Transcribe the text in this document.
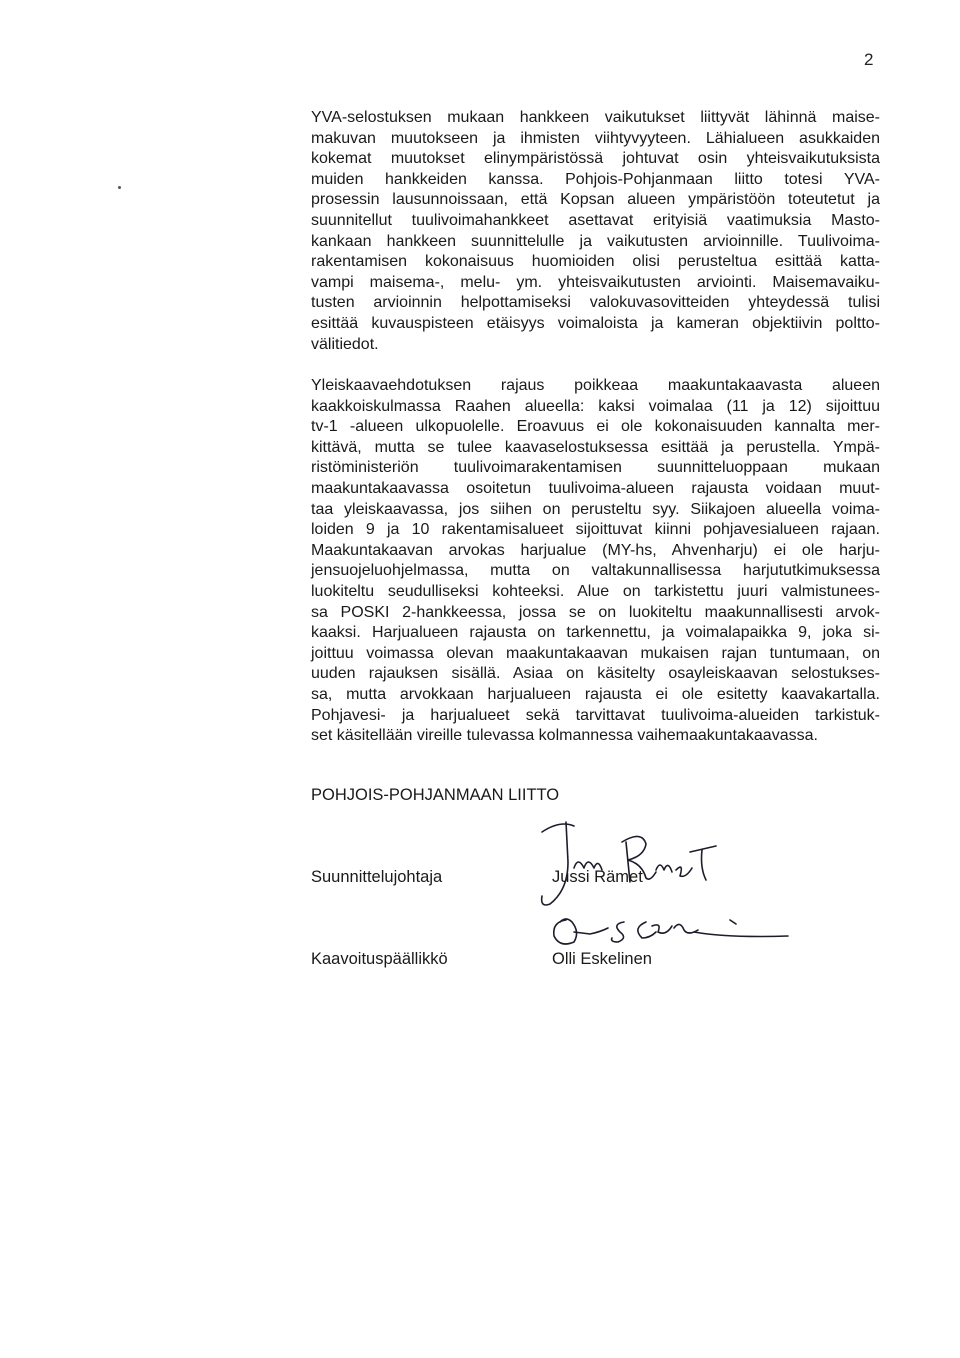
2
YVA-selostuksen mukaan hankkeen vaikutukset liittyvät lähinnä maise-
makuvan muutokseen ja ihmisten viihtyvyyteen. Lähialueen asukkaiden
kokemat muutokset elinympäristössä johtuvat osin yhteisvaikutuksista
muiden hankkeiden kanssa. Pohjois-Pohjanmaan liitto totesi YVA-
prosessin lausunnoissaan, että Kopsan alueen ympäristöön toteutetut ja
suunnitellut tuulivoimahankkeet asettavat erityisiä vaatimuksia Masto-
kankaan hankkeen suunnittelulle ja vaikutusten arvioinnille. Tuulivoima-
rakentamisen kokonaisuus huomioiden olisi perusteltua esittää katta-
vampi maisema-, melu- ym. yhteisvaikutusten arviointi. Maisemavaiku-
tusten arvioinnin helpottamiseksi valokuvasovitteiden yhteydessä tulisi
esittää kuvauspisteen etäisyys voimaloista ja kameran objektiivin poltto-
välitiedot.
Yleiskaavaehdotuksen rajaus poikkeaa maakuntakaavasta alueen
kaakkoiskulmassa Raahen alueella: kaksi voimalaa (11 ja 12) sijoittuu
tv-1 -alueen ulkopuolelle. Eroavuus ei ole kokonaisuuden kannalta mer-
kittävä, mutta se tulee kaavaselostuksessa esittää ja perustella. Ympä-
ristöministeriön tuulivoimarakentamisen suunnitteluoppaan mukaan
maakuntakaavassa osoitetun tuulivoima-alueen rajausta voidaan muut-
taa yleiskaavassa, jos siihen on perusteltu syy. Siikajoen alueella voima-
loiden 9 ja 10 rakentamisalueet sijoittuvat kiinni pohjavesialueen rajaan.
Maakuntakaavan arvokas harjualue (MY-hs, Ahvenharju) ei ole harju-
jensuojeluohjelmassa, mutta on valtakunnallisessa harjututkimuksessa
luokiteltu seudulliseksi kohteeksi. Alue on tarkistettu juuri valmistunees-
sa POSKI 2-hankkeessa, jossa se on luokiteltu maakunnallisesti arvok-
kaaksi. Harjualueen rajausta on tarkennettu, ja voimalapaikka 9, joka si-
joittuu voimassa olevan maakuntakaavan mukaisen rajan tuntumaan, on
uuden rajauksen sisällä. Asiaa on käsitelty osayleiskaavan selostukses-
sa, mutta arvokkaan harjualueen rajausta ei ole esitetty kaavakartalla.
Pohjavesi- ja harjualueet sekä tarvittavat tuulivoima-alueiden tarkistuk-
set käsitellään vireille tulevassa kolmannessa vaihemaakuntakaavassa.
POHJOIS-POHJANMAAN LIITTO
Suunnittelujohtaja	Jussi Rämet
Kaavoituspäällikkö	Olli Eskelinen
